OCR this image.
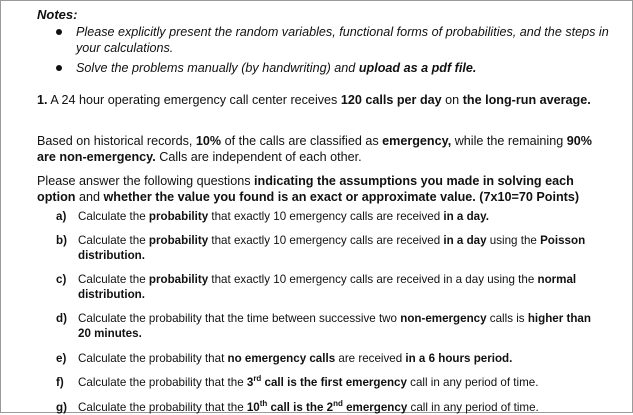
Notes:
Please explicitly present the random variables, functional forms of probabilities, and the steps in your calculations.
Solve the problems manually (by handwriting) and upload as a pdf file.
1. A 24 hour operating emergency call center receives 120 calls per day on the long-run average.
Based on historical records, 10% of the calls are classified as emergency, while the remaining 90% are non-emergency. Calls are independent of each other.
Please answer the following questions indicating the assumptions you made in solving each option and whether the value you found is an exact or approximate value. (7x10=70 Points)
a) Calculate the probability that exactly 10 emergency calls are received in a day.
b) Calculate the probability that exactly 10 emergency calls are received in a day using the Poisson distribution.
c) Calculate the probability that exactly 10 emergency calls are received in a day using the normal distribution.
d) Calculate the probability that the time between successive two non-emergency calls is higher than 20 minutes.
e) Calculate the probability that no emergency calls are received in a 6 hours period.
f) Calculate the probability that the 3rd call is the first emergency call in any period of time.
g) Calculate the probability that the 10th call is the 2nd emergency call in any period of time.
